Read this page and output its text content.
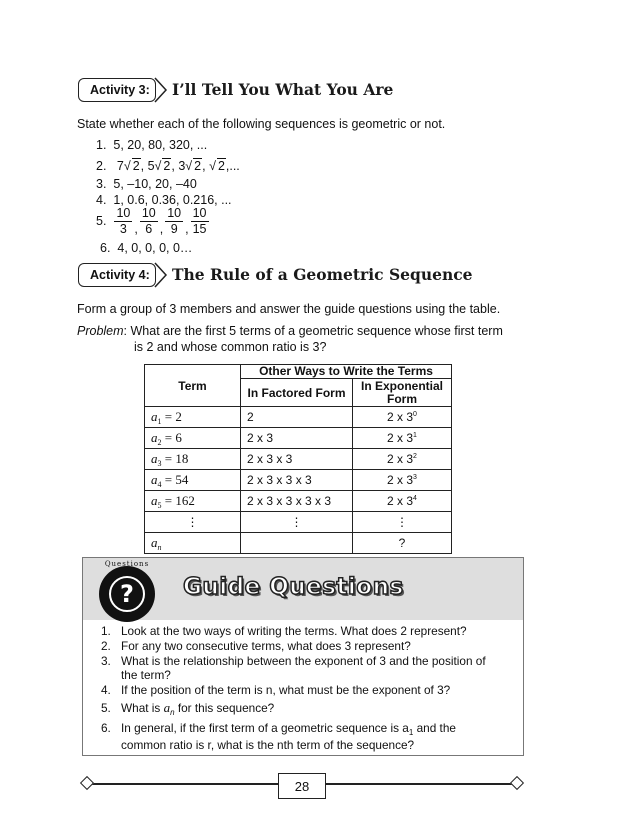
Activity 3: I’ll Tell You What You Are
State whether each of the following sequences is geometric or not.
1. 5, 20, 80, 320, ...
2. 7√ 2, 5√ 2, 3√ 2, √ 2,...
3. 5, –10, 20, –40
4. 1, 0.6, 0.36, 0.216, ...
5. $\frac{10}{3}$ , $\frac{10}{6}$ , $\frac{10}{9}$ , $\frac{10}{15}$
6. 4, 0, 0, 0, 0…
Activity 4: The Rule of a Geometric Sequence
Form a group of 3 members and answer the guide questions using the table.
Problem: What are the first 5 terms of a geometric sequence whose first term
is 2 and whose common ratio is 3?
Term	Other Ways to Write the Terms	
	In Factored Form	In Exponential Form
$a_1 = 2$	2	2 x $3^0$
$a_2 = 6$	2 x 3	2 x $3^1$
$a_3 = 18$	2 x 3 x 3	2 x $3^2$
$a_4 = 54$	2 x 3 x 3 x 3	2 x $3^3$
$a_5 = 162$	2 x 3 x 3 x 3 x 3	2 x $3^4$
⋮	⋮	⋮
$a_n$		?
Questions
?	Guide Questions
1. Look at the two ways of writing the terms. What does 2 represent?
2. For any two consecutive terms, what does 3 represent?
3. What is the relationship between the exponent of 3 and the position of
the term?
4. If the position of the term is n, what must be the exponent of 3?
5. What is $a_n$ for this sequence?
6. In general, if the first term of a geometric sequence is $a_1$ and the
common ratio is r, what is the nth term of the sequence?
28
